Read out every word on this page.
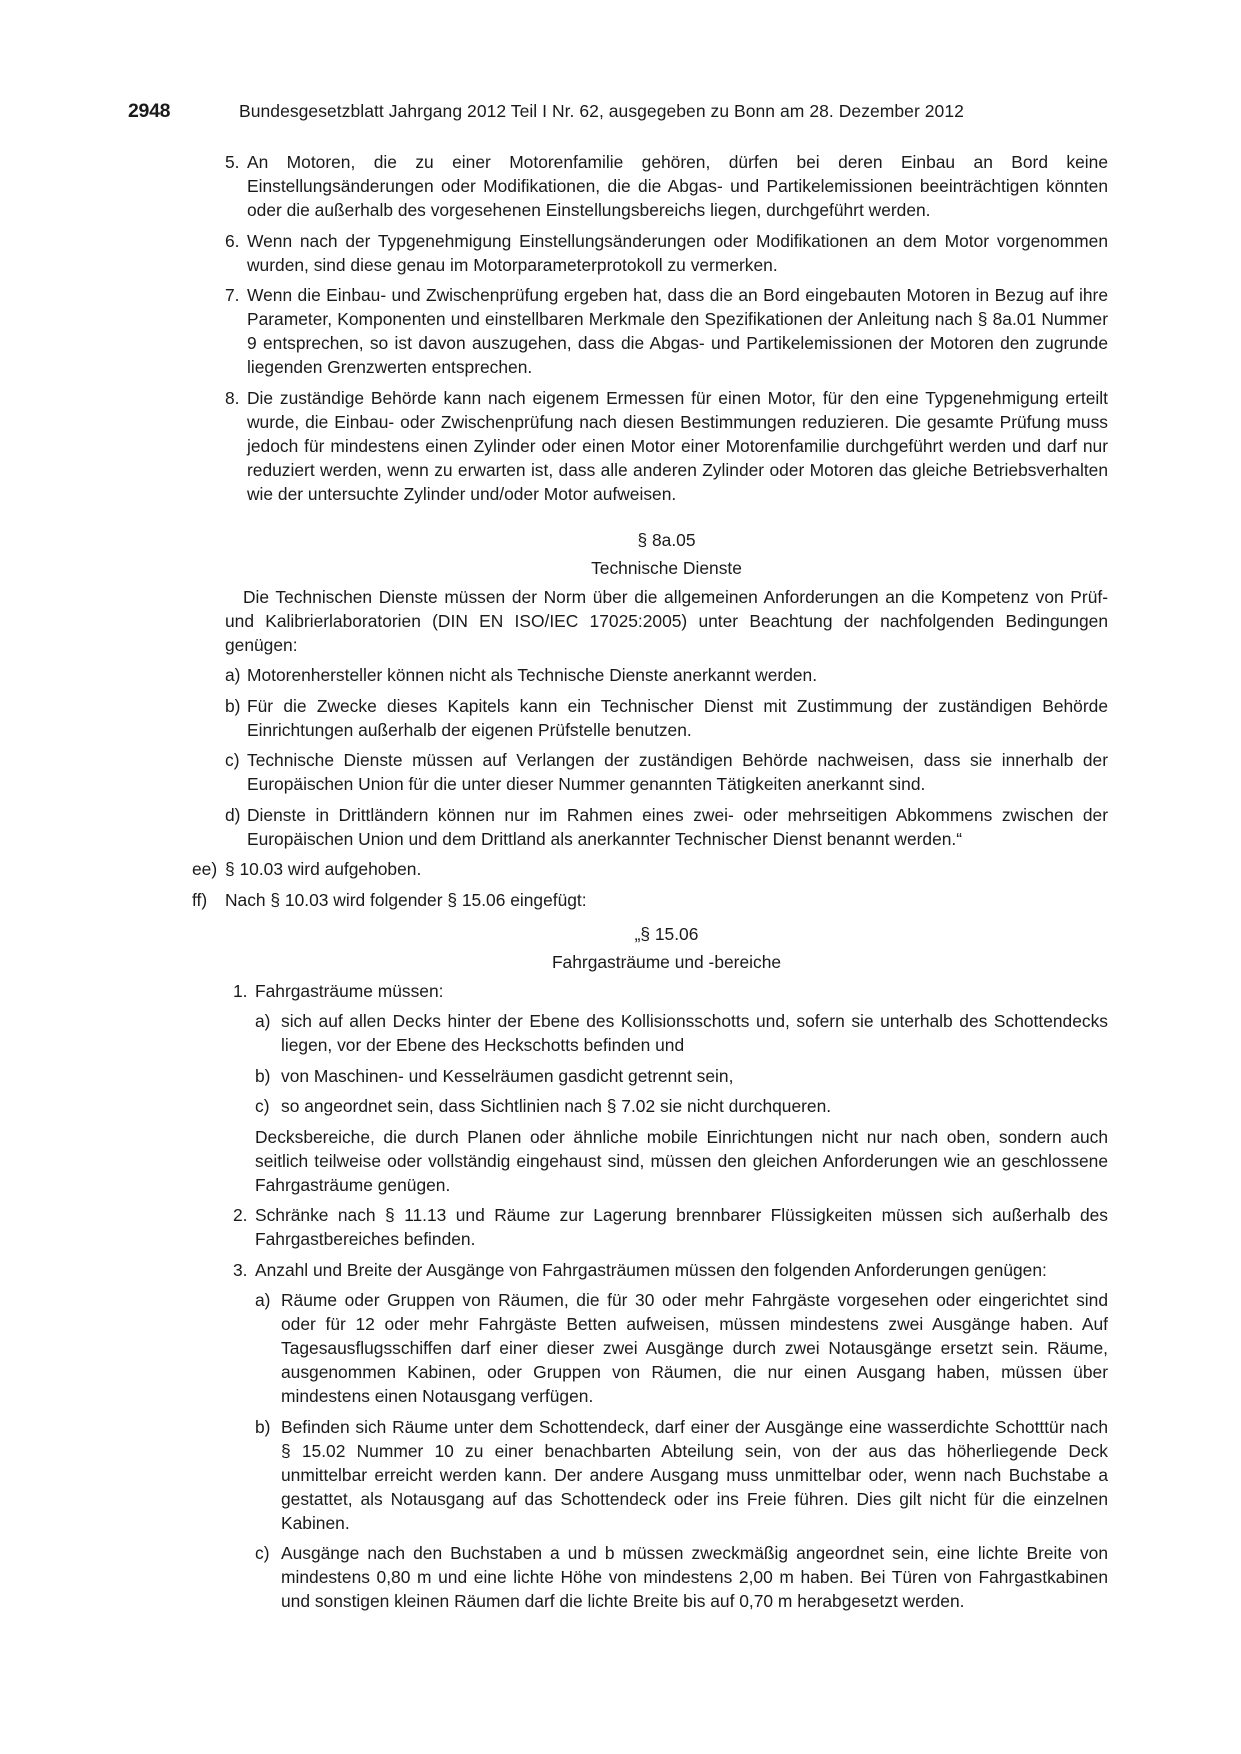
2948	Bundesgesetzblatt Jahrgang 2012 Teil I Nr. 62, ausgegeben zu Bonn am 28. Dezember 2012
5. An Motoren, die zu einer Motorenfamilie gehören, dürfen bei deren Einbau an Bord keine Einstellungsänderungen oder Modifikationen, die die Abgas- und Partikelemissionen beeinträchtigen könnten oder die außerhalb des vorgesehenen Einstellungsbereichs liegen, durchgeführt werden.
6. Wenn nach der Typgenehmigung Einstellungsänderungen oder Modifikationen an dem Motor vorgenommen wurden, sind diese genau im Motorparameterprotokoll zu vermerken.
7. Wenn die Einbau- und Zwischenprüfung ergeben hat, dass die an Bord eingebauten Motoren in Bezug auf ihre Parameter, Komponenten und einstellbaren Merkmale den Spezifikationen der Anleitung nach § 8a.01 Nummer 9 entsprechen, so ist davon auszugehen, dass die Abgas- und Partikelemissionen der Motoren den zugrunde liegenden Grenzwerten entsprechen.
8. Die zuständige Behörde kann nach eigenem Ermessen für einen Motor, für den eine Typgenehmigung erteilt wurde, die Einbau- oder Zwischenprüfung nach diesen Bestimmungen reduzieren. Die gesamte Prüfung muss jedoch für mindestens einen Zylinder oder einen Motor einer Motorenfamilie durchgeführt werden und darf nur reduziert werden, wenn zu erwarten ist, dass alle anderen Zylinder oder Motoren das gleiche Betriebsverhalten wie der untersuchte Zylinder und/oder Motor aufweisen.
§ 8a.05
Technische Dienste
Die Technischen Dienste müssen der Norm über die allgemeinen Anforderungen an die Kompetenz von Prüf- und Kalibrierlaboratorien (DIN EN ISO/IEC 17025:2005) unter Beachtung der nachfolgenden Bedingungen genügen:
a) Motorenhersteller können nicht als Technische Dienste anerkannt werden.
b) Für die Zwecke dieses Kapitels kann ein Technischer Dienst mit Zustimmung der zuständigen Behörde Einrichtungen außerhalb der eigenen Prüfstelle benutzen.
c) Technische Dienste müssen auf Verlangen der zuständigen Behörde nachweisen, dass sie innerhalb der Europäischen Union für die unter dieser Nummer genannten Tätigkeiten anerkannt sind.
d) Dienste in Drittländern können nur im Rahmen eines zwei- oder mehrseitigen Abkommens zwischen der Europäischen Union und dem Drittland als anerkannter Technischer Dienst benannt werden.“
ee) § 10.03 wird aufgehoben.
ff)	Nach § 10.03 wird folgender § 15.06 eingefügt:
„§ 15.06
Fahrgasträume und -bereiche
1. Fahrgasträume müssen:
a) sich auf allen Decks hinter der Ebene des Kollisionsschotts und, sofern sie unterhalb des Schottendecks liegen, vor der Ebene des Heckschotts befinden und
b) von Maschinen- und Kesselräumen gasdicht getrennt sein,
c) so angeordnet sein, dass Sichtlinien nach § 7.02 sie nicht durchqueren.
Decksbereiche, die durch Planen oder ähnliche mobile Einrichtungen nicht nur nach oben, sondern auch seitlich teilweise oder vollständig eingehaust sind, müssen den gleichen Anforderungen wie an geschlossene Fahrgasträume genügen.
2. Schränke nach § 11.13 und Räume zur Lagerung brennbarer Flüssigkeiten müssen sich außerhalb des Fahrgastbereiches befinden.
3. Anzahl und Breite der Ausgänge von Fahrgasträumen müssen den folgenden Anforderungen genügen:
a) Räume oder Gruppen von Räumen, die für 30 oder mehr Fahrgäste vorgesehen oder eingerichtet sind oder für 12 oder mehr Fahrgäste Betten aufweisen, müssen mindestens zwei Ausgänge haben. Auf Tagesausflugsschiffen darf einer dieser zwei Ausgänge durch zwei Notausgänge ersetzt sein. Räume, ausgenommen Kabinen, oder Gruppen von Räumen, die nur einen Ausgang haben, müssen über mindestens einen Notausgang verfügen.
b) Befinden sich Räume unter dem Schottendeck, darf einer der Ausgänge eine wasserdichte Schotttür nach § 15.02 Nummer 10 zu einer benachbarten Abteilung sein, von der aus das höherliegende Deck unmittelbar erreicht werden kann. Der andere Ausgang muss unmittelbar oder, wenn nach Buchstabe a gestattet, als Notausgang auf das Schottendeck oder ins Freie führen. Dies gilt nicht für die einzelnen Kabinen.
c) Ausgänge nach den Buchstaben a und b müssen zweckmäßig angeordnet sein, eine lichte Breite von mindestens 0,80 m und eine lichte Höhe von mindestens 2,00 m haben. Bei Türen von Fahrgastkabinen und sonstigen kleinen Räumen darf die lichte Breite bis auf 0,70 m herabgesetzt werden.
